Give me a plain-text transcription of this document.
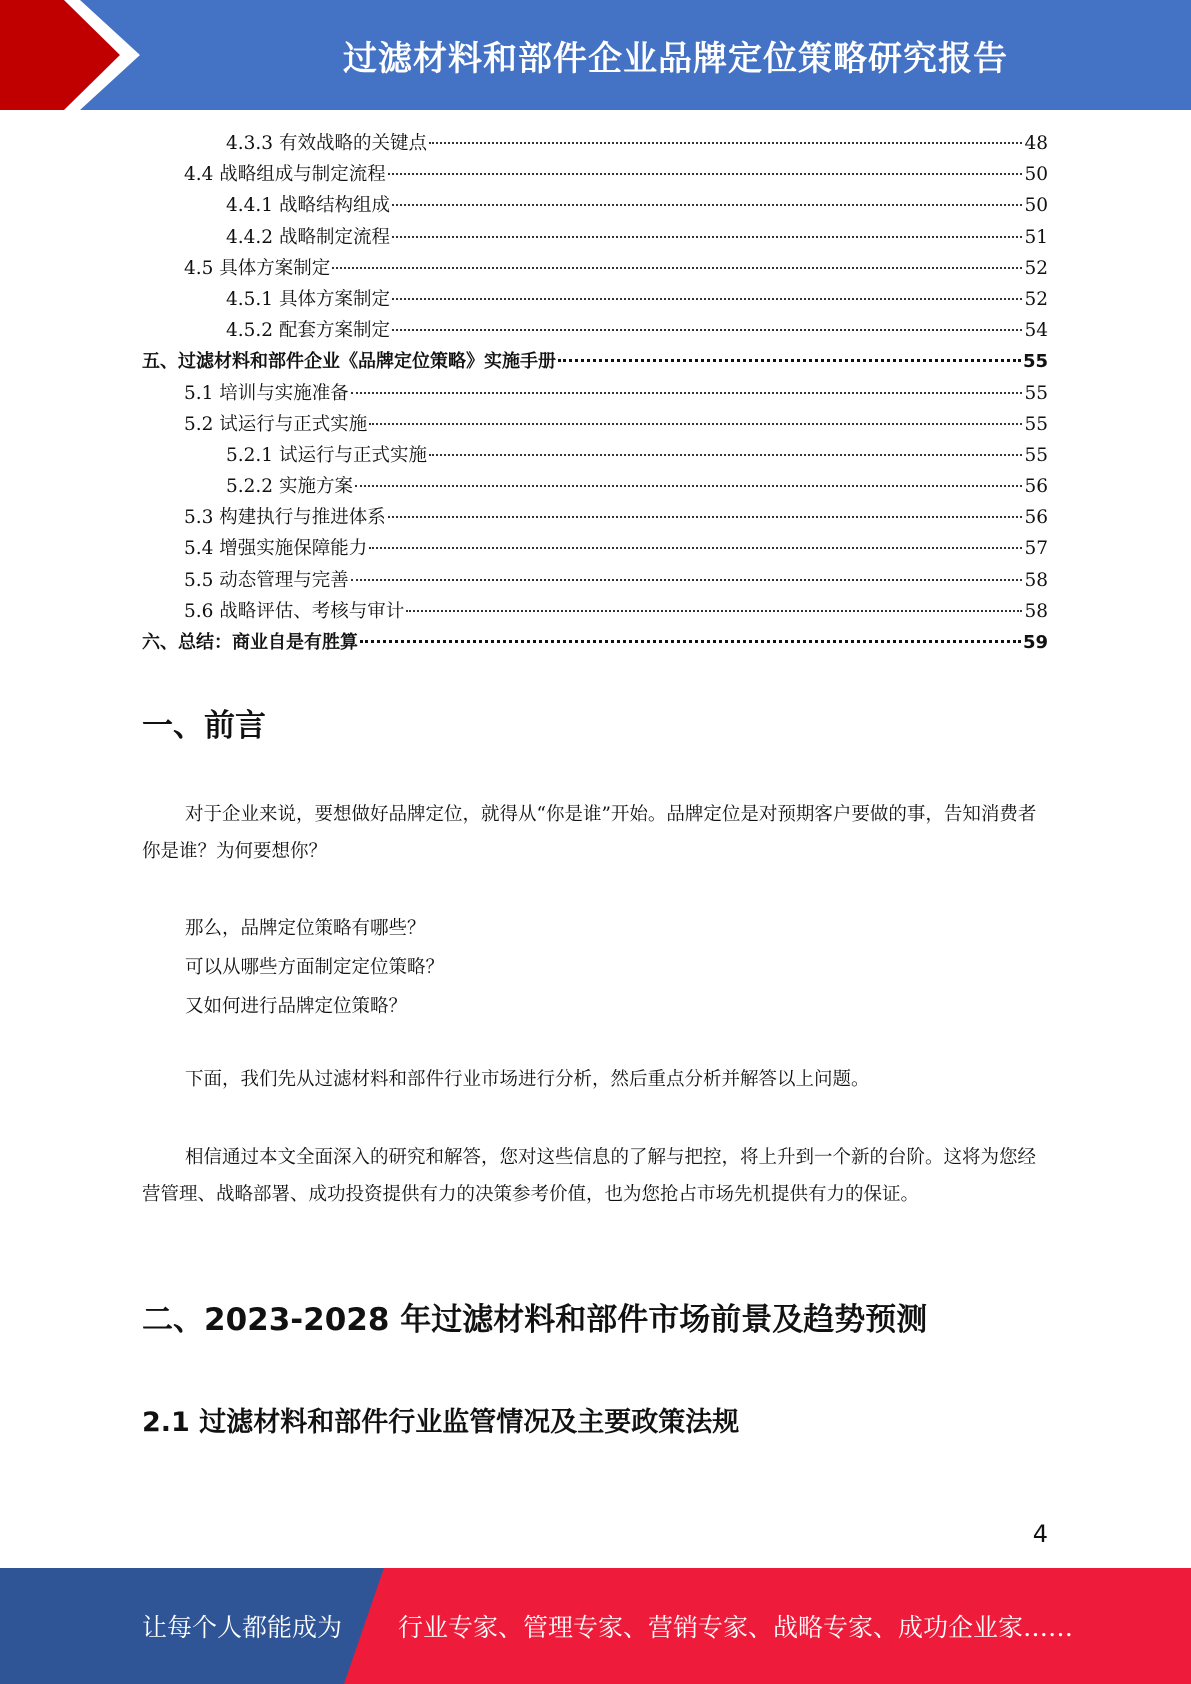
过滤材料和部件企业品牌定位策略研究报告
4.3.3 有效战略的关键点	48
4.4 战略组成与制定流程	50
4.4.1 战略结构组成	50
4.4.2 战略制定流程	51
4.5 具体方案制定	52
4.5.1 具体方案制定	52
4.5.2 配套方案制定	54
五、过滤材料和部件企业《品牌定位策略》实施手册	55
5.1 培训与实施准备	55
5.2 试运行与正式实施	55
5.2.1 试运行与正式实施	55
5.2.2 实施方案	56
5.3 构建执行与推进体系	56
5.4 增强实施保障能力	57
5.5 动态管理与完善	58
5.6 战略评估、考核与审计	58
六、总结：商业自是有胜算	59
一、前言

对于企业来说，要想做好品牌定位，就得从“你是谁”开始。品牌定位是对预期客户要做的事，告知消费者你是谁？为何要想你？

那么，品牌定位策略有哪些？
可以从哪些方面制定定位策略？
又如何进行品牌定位策略？

下面，我们先从过滤材料和部件行业市场进行分析，然后重点分析并解答以上问题。

相信通过本文全面深入的研究和解答，您对这些信息的了解与把控，将上升到一个新的台阶。这将为您经营管理、战略部署、成功投资提供有力的决策参考价值，也为您抢占市场先机提供有力的保证。

二、2023-2028 年过滤材料和部件市场前景及趋势预测
2.1 过滤材料和部件行业监管情况及主要政策法规
4
让每个人都能成为 行业专家、管理专家、营销专家、战略专家、成功企业家……
